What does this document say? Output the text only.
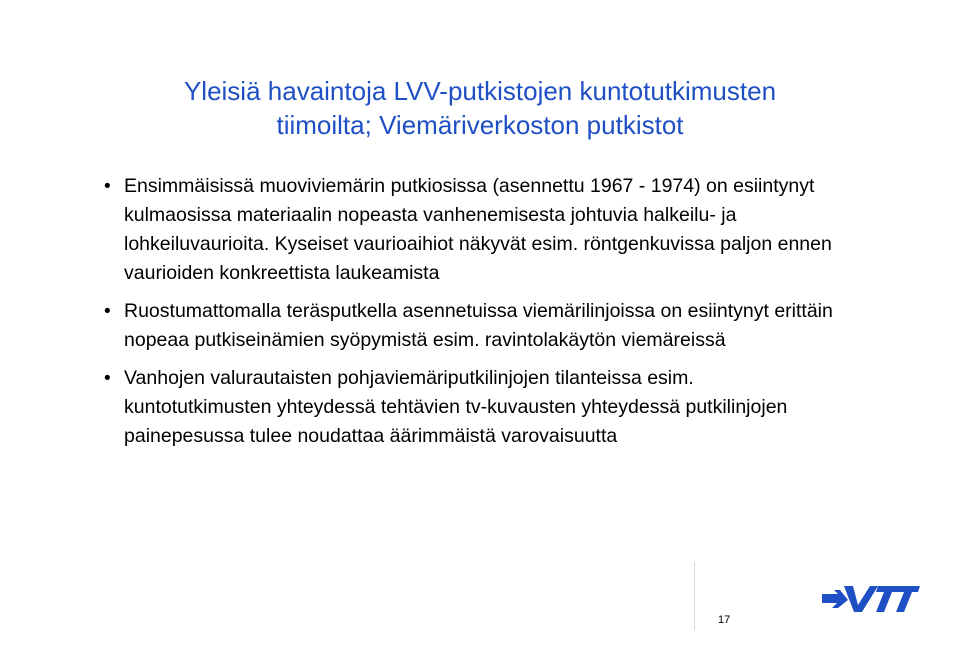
Yleisiä havaintoja LVV-putkistojen kuntotutkimusten
tiimoilta; Viemäriverkoston putkistot
• Ensimmäisissä muoviviemärin putkiosissa (asennettu 1967 - 1974) on esiintynyt kulmaosissa materiaalin nopeasta vanhenemisesta johtuvia halkeilu- ja lohkeiluvaurioita. Kyseiset vaurioaihiot näkyvät esim. röntgenkuvissa paljon ennen vaurioiden konkreettista laukeamista
• Ruostumattomalla teräsputkella asennetuissa viemärilinjoissa on esiintynyt erittäin nopeaa putkiseinämien syöpymistä esim. ravintolakäytön viemäreissä
• Vanhojen valurautaisten pohjaviemäriputkilinjojen tilanteissa esim. kuntotutkimusten yhteydessä tehtävien tv-kuvausten yhteydessä putkilinjojen painepesussa tulee noudattaa äärimmäistä varovaisuutta
17
